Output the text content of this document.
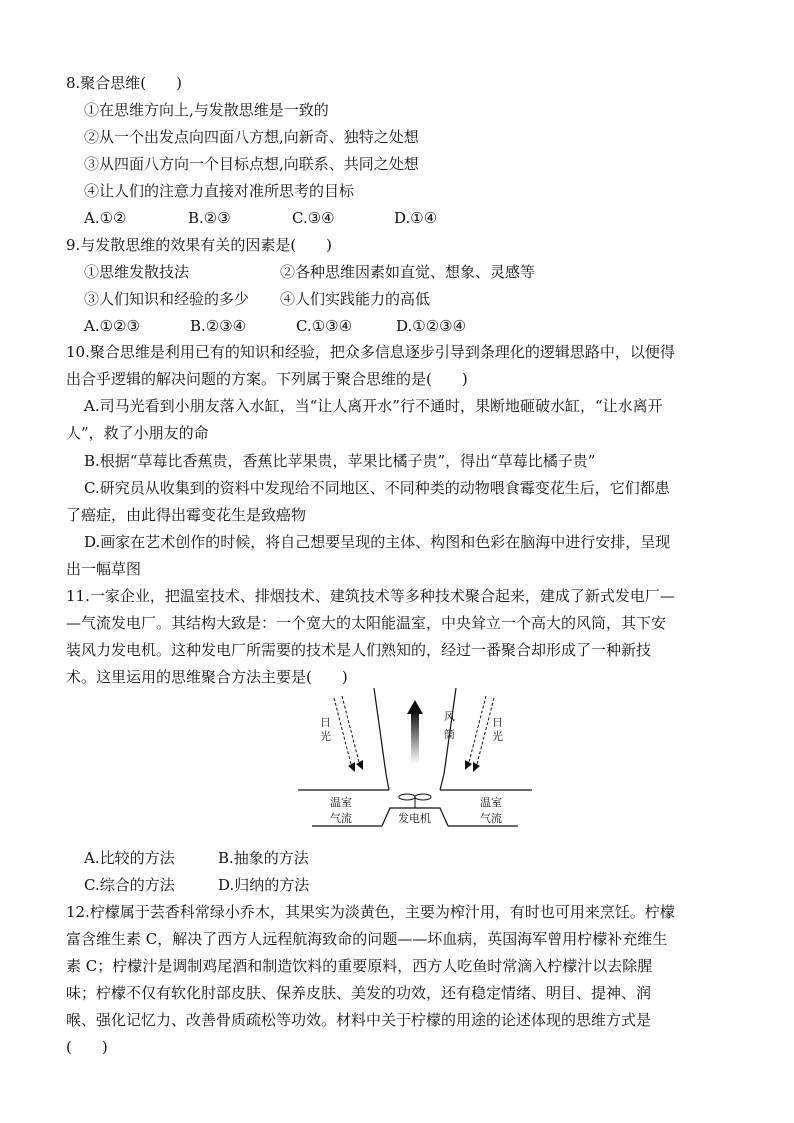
8.聚合思维(　　)
①在思维方向上,与发散思维是一致的
②从一个出发点向四面八方想,向新奇、独特之处想
③从四面八方向一个目标点想,向联系、共同之处想
④让人们的注意力直接对准所思考的目标
A.①②	B.②③	C.③④	D.①④
9.与发散思维的效果有关的因素是(　　)
①思维发散技法	②各种思维因素如直觉、想象、灵感等
③人们知识和经验的多少 ④人们实践能力的高低
A.①②③	B.②③④	C.①③④	D.①②③④
10.聚合思维是利用已有的知识和经验，把众多信息逐步引导到条理化的逻辑思路中，以便得
出合乎逻辑的解决问题的方案。下列属于聚合思维的是(　　)
A.司马光看到小朋友落入水缸，当“让人离开水”行不通时，果断地砸破水缸，“让水离开
人”，救了小朋友的命
B.根据“草莓比香蕉贵，香蕉比苹果贵，苹果比橘子贵”，得出“草莓比橘子贵”
C.研究员从收集到的资料中发现给不同地区、不同种类的动物喂食霉变花生后，它们都患
了癌症，由此得出霉变花生是致癌物
D.画家在艺术创作的时候，将自己想要呈现的主体、构图和色彩在脑海中进行安排，呈现
出一幅草图
11.一家企业，把温室技术、排烟技术、建筑技术等多种技术聚合起来，建成了新式发电厂—
—气流发电厂。其结构大致是：一个宽大的太阳能温室，中央耸立一个高大的风筒，其下安
装风力发电机。这种发电厂所需要的技术是人们熟知的，经过一番聚合却形成了一种新技
术。这里运用的思维聚合方法主要是(　　)
日
光
日
光
风
筒
温室	温室
气流	气流
发电机
A.比较的方法	B.抽象的方法
C.综合的方法	D.归纳的方法
12.柠檬属于芸香科常绿小乔木，其果实为淡黄色，主要为榨汁用，有时也可用来烹饪。柠檬
富含维生素 C，解决了西方人远程航海致命的问题——坏血病，英国海军曾用柠檬补充维生
素 C；柠檬汁是调制鸡尾酒和制造饮料的重要原料，西方人吃鱼时常滴入柠檬汁以去除腥
味；柠檬不仅有软化肘部皮肤、保养皮肤、美发的功效，还有稳定情绪、明目、提神、润
喉、强化记忆力、改善骨质疏松等功效。材料中关于柠檬的用途的论述体现的思维方式是
(　　)
